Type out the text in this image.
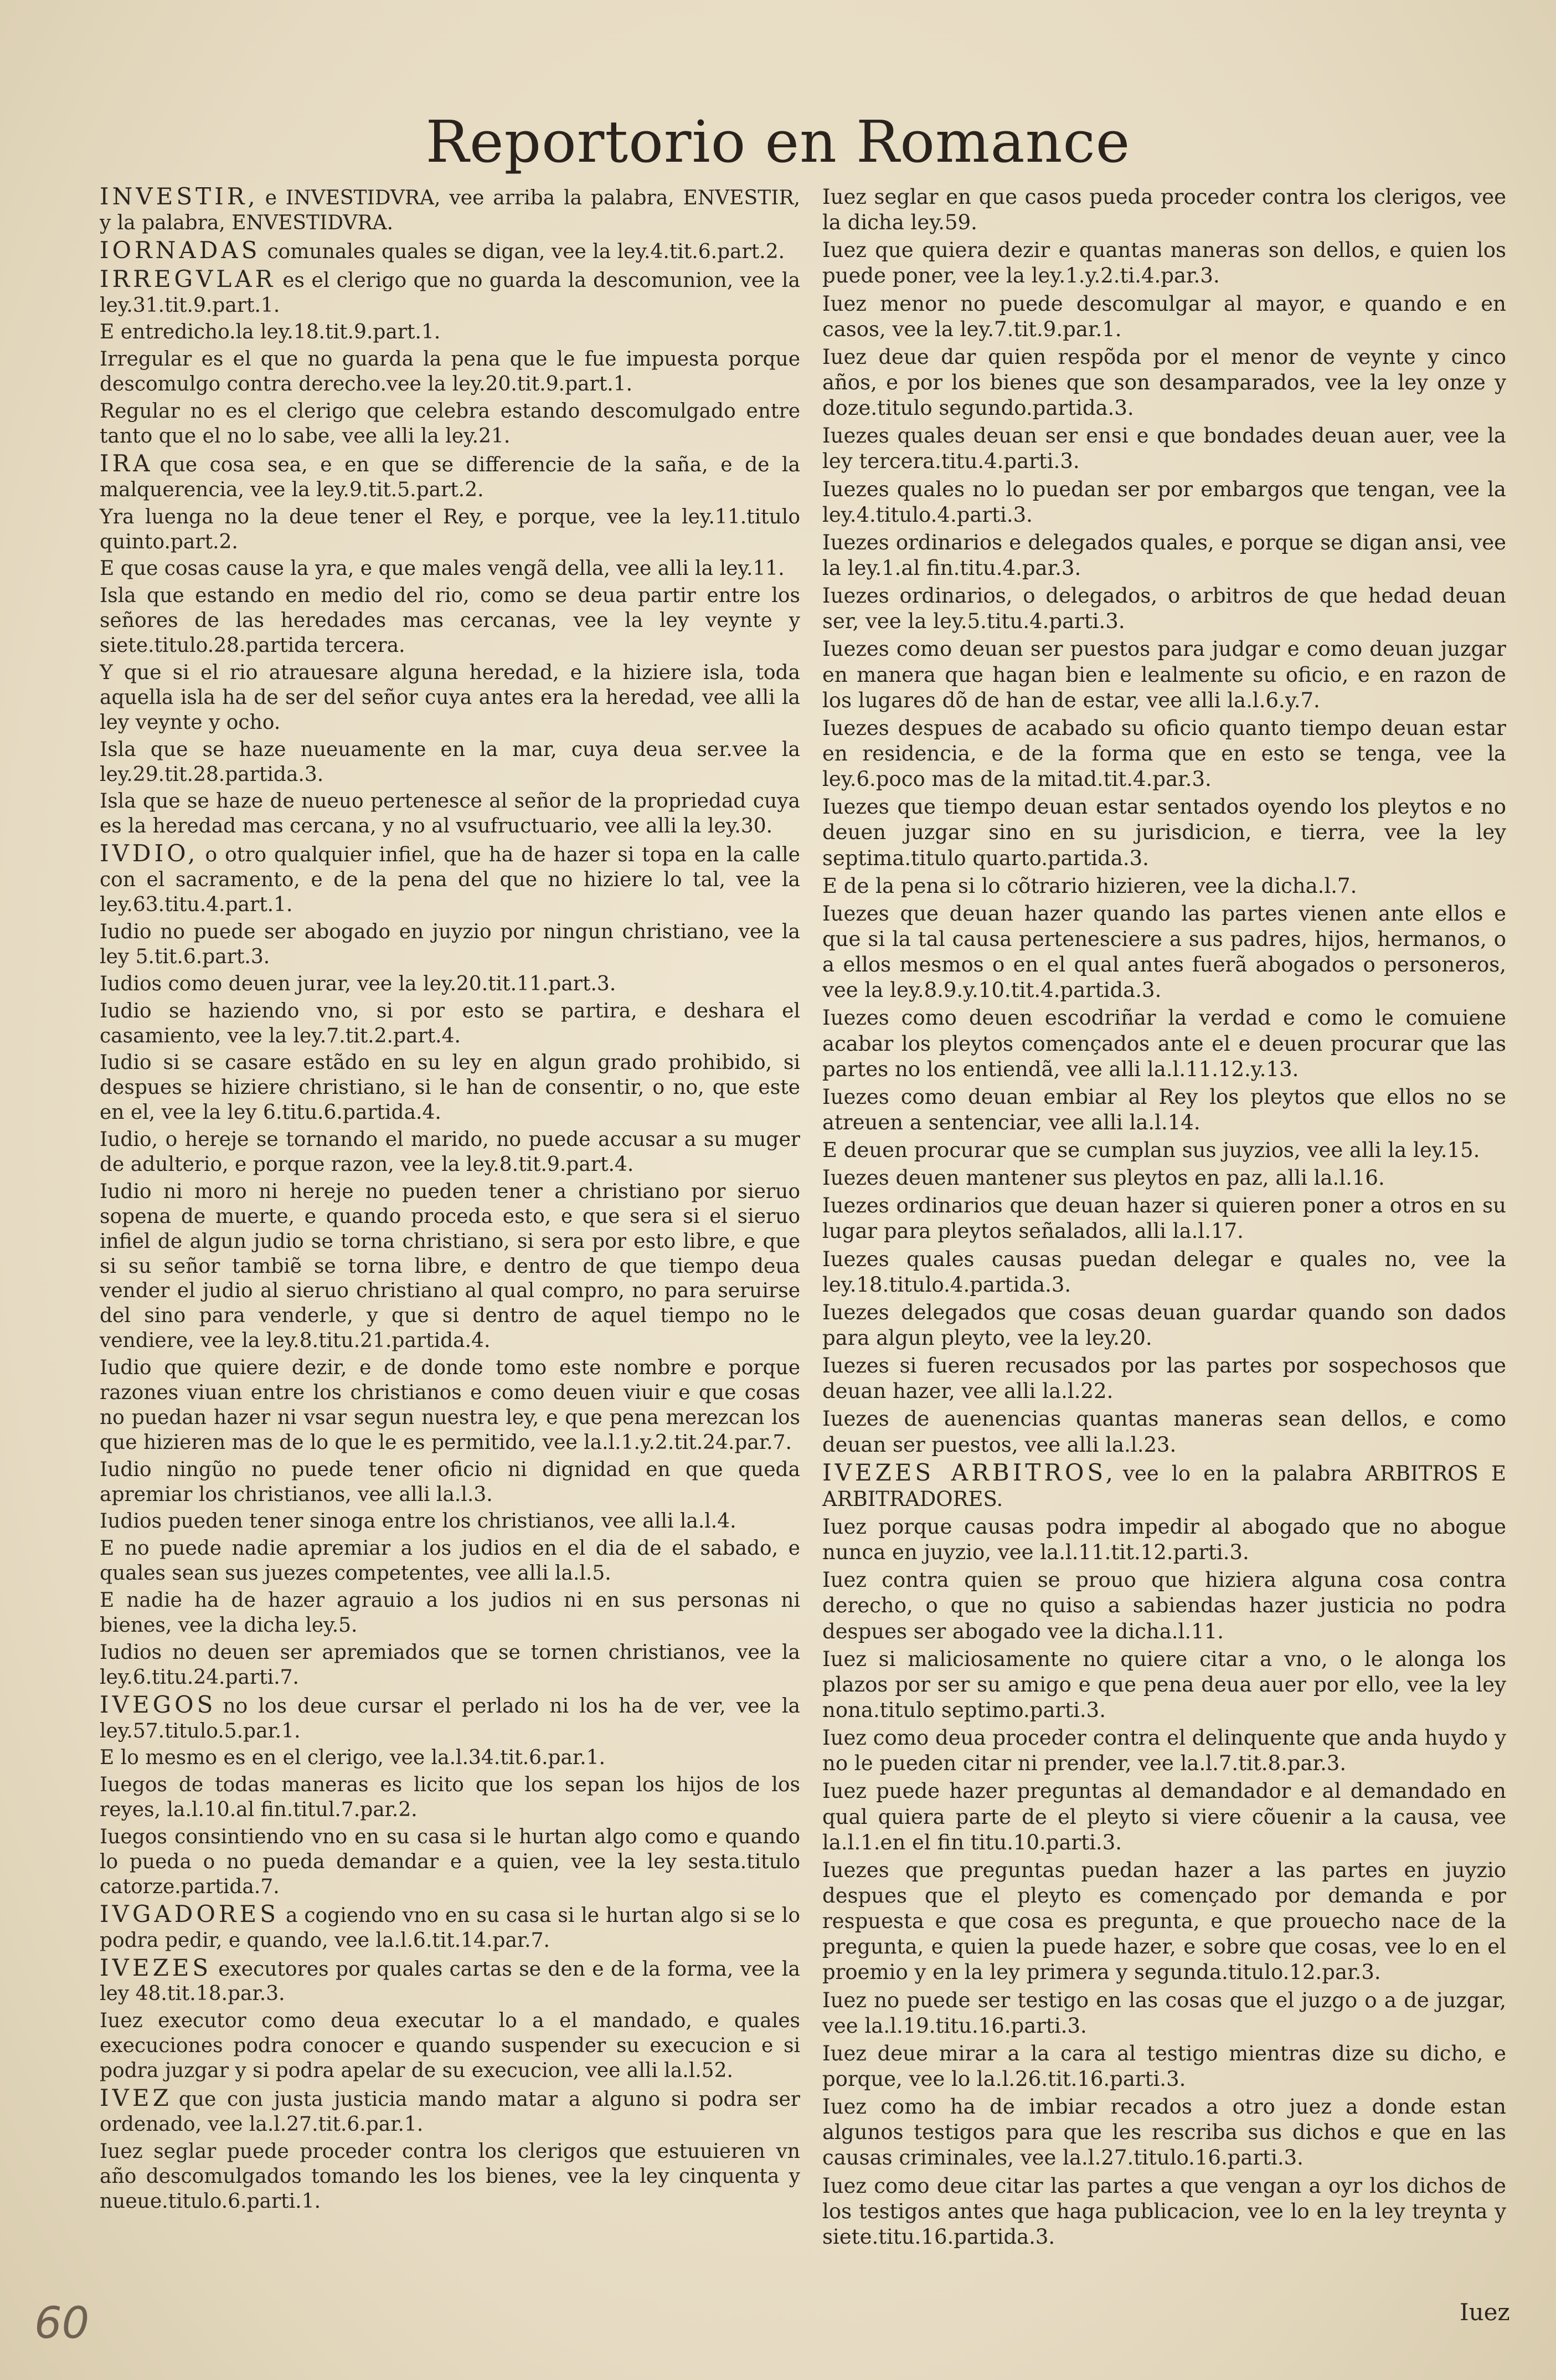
Reportorio en Romance
INVESTIR, e INVESTIDVRA, vee arriba la palabra, ENVESTIR, y la palabra, ENVESTIDVRA.
IORNADAS comunales quales se digan, vee la ley.4.tit.6.part.2.
IRREGVLAR es el clerigo que no guarda la descomunion, vee la ley.31.tit.9.part.1.
E entredicho.la ley.18.tit.9.part.1.
Irregular es el que no guarda la pena que le fue impuesta porque descomulgo contra derecho.vee la ley.20.tit.9.part.1.
Regular no es el clerigo que celebra estando descomulgado entre tanto que el no lo sabe, vee alli la ley.21.
IRA que cosa sea, e en que se differencie de la saña, e de la malquerencia, vee la ley.9.tit.5.part.2.
Yra luenga no la deue tener el Rey, e porque, vee la ley.11.titulo quinto.part.2.
E que cosas cause la yra, e que males vengã della, vee alli la ley.11.
Isla que estando en medio del rio, como se deua partir entre los señores de las heredades mas cercanas, vee la ley veynte y siete.titulo.28.partida tercera.
Y que si el rio atrauesare alguna heredad, e la hiziere isla, toda aquella isla ha de ser del señor cuya antes era la heredad, vee alli la ley veynte y ocho.
Isla que se haze nueuamente en la mar, cuya deua ser.vee la ley.29.tit.28.partida.3.
Isla que se haze de nueuo pertenesce al señor de la propriedad cuya es la heredad mas cercana, y no al vsufructuario, vee alli la ley.30.
IVDIO, o otro qualquier infiel, que ha de hazer si topa en la calle con el sacramento, e de la pena del que no hiziere lo tal, vee la ley.63.titu.4.part.1.
Iudio no puede ser abogado en juyzio por ningun christiano, vee la ley 5.tit.6.part.3.
Iudios como deuen jurar, vee la ley.20.tit.11.part.3.
Iudio se haziendo vno, si por esto se partira, e deshara el casamiento, vee la ley.7.tit.2.part.4.
Iudio si se casare estãdo en su ley en algun grado prohibido, si despues se hiziere christiano, si le han de consentir, o no, que este en el, vee la ley 6.titu.6.partida.4.
Iudio, o hereje se tornando el marido, no puede accusar a su muger de adulterio, e porque razon, vee la ley.8.tit.9.part.4.
Iudio ni moro ni hereje no pueden tener a christiano por sieruo sopena de muerte, e quando proceda esto, e que sera si el sieruo infiel de algun judio se torna christiano, si sera por esto libre, e que si su señor tambiẽ se torna libre, e dentro de que tiempo deua vender el judio al sieruo christiano al qual compro, no para seruirse del sino para venderle, y que si dentro de aquel tiempo no le vendiere, vee la ley.8.titu.21.partida.4.
Iudio que quiere dezir, e de donde tomo este nombre e porque razones viuan entre los christianos e como deuen viuir e que cosas no puedan hazer ni vsar segun nuestra ley, e que pena merezcan los que hizieren mas de lo que le es permitido, vee la.l.1.y.2.tit.24.par.7.
Iudio ningũo no puede tener oficio ni dignidad en que queda apremiar los christianos, vee alli la.l.3.
Iudios pueden tener sinoga entre los christianos, vee alli la.l.4.
E no puede nadie apremiar a los judios en el dia de el sabado, e quales sean sus juezes competentes, vee alli la.l.5.
E nadie ha de hazer agrauio a los judios ni en sus personas ni bienes, vee la dicha ley.5.
Iudios no deuen ser apremiados que se tornen christianos, vee la ley.6.titu.24.parti.7.
IVEGOS no los deue cursar el perlado ni los ha de ver, vee la ley.57.titulo.5.par.1.
E lo mesmo es en el clerigo, vee la.l.34.tit.6.par.1.
Iuegos de todas maneras es licito que los sepan los hijos de los reyes, la.l.10.al fin.titul.7.par.2.
Iuegos consintiendo vno en su casa si le hurtan algo como e quando lo pueda o no pueda demandar e a quien, vee la ley sesta.titulo catorze.partida.7.
IVGADORES a cogiendo vno en su casa si le hurtan algo si se lo podra pedir, e quando, vee la.l.6.tit.14.par.7.
IVEZES executores por quales cartas se den e de la forma, vee la ley 48.tit.18.par.3.
Iuez executor como deua executar lo a el mandado, e quales execuciones podra conocer e quando suspender su execucion e si podra juzgar y si podra apelar de su execucion, vee alli la.l.52.
IVEZ que con justa justicia mando matar a alguno si podra ser ordenado, vee la.l.27.tit.6.par.1.
Iuez seglar puede proceder contra los clerigos que estuuieren vn año descomulgados tomando les los bienes, vee la ley cinquenta y nueue.titulo.6.parti.1.
Iuez seglar en que casos pueda proceder contra los clerigos, vee la dicha ley.59.
Iuez que quiera dezir e quantas maneras son dellos, e quien los puede poner, vee la ley.1.y.2.ti.4.par.3.
Iuez menor no puede descomulgar al mayor, e quando e en casos, vee la ley.7.tit.9.par.1.
Iuez deue dar quien respõda por el menor de veynte y cinco años, e por los bienes que son desamparados, vee la ley onze y doze.titulo segundo.partida.3.
Iuezes quales deuan ser ensi e que bondades deuan auer, vee la ley tercera.titu.4.parti.3.
Iuezes quales no lo puedan ser por embargos que tengan, vee la ley.4.titulo.4.parti.3.
Iuezes ordinarios e delegados quales, e porque se digan ansi, vee la ley.1.al fin.titu.4.par.3.
Iuezes ordinarios, o delegados, o arbitros de que hedad deuan ser, vee la ley.5.titu.4.parti.3.
Iuezes como deuan ser puestos para judgar e como deuan juzgar en manera que hagan bien e lealmente su oficio, e en razon de los lugares dõ de han de estar, vee alli la.l.6.y.7.
Iuezes despues de acabado su oficio quanto tiempo deuan estar en residencia, e de la forma que en esto se tenga, vee la ley.6.poco mas de la mitad.tit.4.par.3.
Iuezes que tiempo deuan estar sentados oyendo los pleytos e no deuen juzgar sino en su jurisdicion, e tierra, vee la ley septima.titulo quarto.partida.3.
E de la pena si lo cõtrario hizieren, vee la dicha.l.7.
Iuezes que deuan hazer quando las partes vienen ante ellos e que si la tal causa pertenesciere a sus padres, hijos, hermanos, o a ellos mesmos o en el qual antes fuerã abogados o personeros, vee la ley.8.9.y.10.tit.4.partida.3.
Iuezes como deuen escodriñar la verdad e como le comuiene acabar los pleytos començados ante el e deuen procurar que las partes no los entiendã, vee alli la.l.11.12.y.13.
Iuezes como deuan embiar al Rey los pleytos que ellos no se atreuen a sentenciar, vee alli la.l.14.
E deuen procurar que se cumplan sus juyzios, vee alli la ley.15.
Iuezes deuen mantener sus pleytos en paz, alli la.l.16.
Iuezes ordinarios que deuan hazer si quieren poner a otros en su lugar para pleytos señalados, alli la.l.17.
Iuezes quales causas puedan delegar e quales no, vee la ley.18.titulo.4.partida.3.
Iuezes delegados que cosas deuan guardar quando son dados para algun pleyto, vee la ley.20.
Iuezes si fueren recusados por las partes por sospechosos que deuan hazer, vee alli la.l.22.
Iuezes de auenencias quantas maneras sean dellos, e como deuan ser puestos, vee alli la.l.23.
IVEZES ARBITROS, vee lo en la palabra ARBITROS E ARBITRADORES.
Iuez porque causas podra impedir al abogado que no abogue nunca en juyzio, vee la.l.11.tit.12.parti.3.
Iuez contra quien se prouo que hiziera alguna cosa contra derecho, o que no quiso a sabiendas hazer justicia no podra despues ser abogado vee la dicha.l.11.
Iuez si maliciosamente no quiere citar a vno, o le alonga los plazos por ser su amigo e que pena deua auer por ello, vee la ley nona.titulo septimo.parti.3.
Iuez como deua proceder contra el delinquente que anda huydo y no le pueden citar ni prender, vee la.l.7.tit.8.par.3.
Iuez puede hazer preguntas al demandador e al demandado en qual quiera parte de el pleyto si viere cõuenir a la causa, vee la.l.1.en el fin titu.10.parti.3.
Iuezes que preguntas puedan hazer a las partes en juyzio despues que el pleyto es començado por demanda e por respuesta e que cosa es pregunta, e que prouecho nace de la pregunta, e quien la puede hazer, e sobre que cosas, vee lo en el proemio y en la ley primera y segunda.titulo.12.par.3.
Iuez no puede ser testigo en las cosas que el juzgo o a de juzgar, vee la.l.19.titu.16.parti.3.
Iuez deue mirar a la cara al testigo mientras dize su dicho, e porque, vee lo la.l.26.tit.16.parti.3.
Iuez como ha de imbiar recados a otro juez a donde estan algunos testigos para que les rescriba sus dichos e que en las causas criminales, vee la.l.27.titulo.16.parti.3.
Iuez como deue citar las partes a que vengan a oyr los dichos de los testigos antes que haga publicacion, vee lo en la ley treynta y siete.titu.16.partida.3.
Iuez
60
